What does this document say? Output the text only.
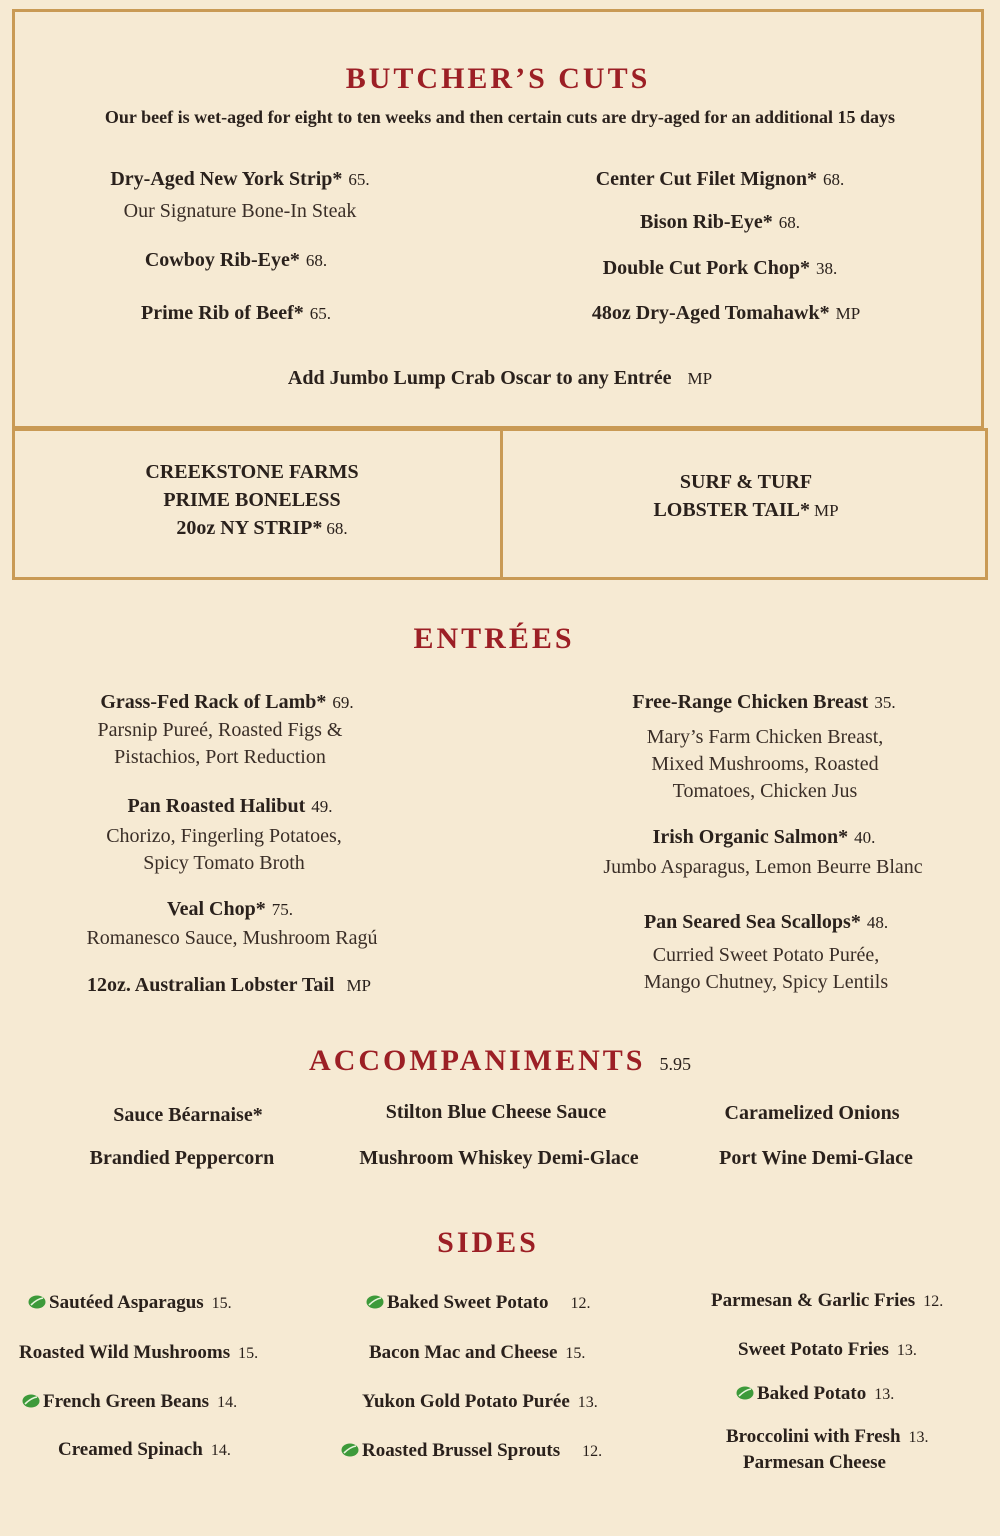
BUTCHER’S CUTS
Our beef is wet-aged for eight to ten weeks and then certain cuts are dry-aged for an additional 15 days
Dry-Aged New York Strip* 65.
Our Signature Bone-In Steak
Cowboy Rib-Eye* 68.
Prime Rib of Beef* 65.
Center Cut Filet Mignon* 68.
Bison Rib-Eye* 68.
Double Cut Pork Chop* 38.
48oz Dry-Aged Tomahawk* MP
Add Jumbo Lump Crab Oscar to any Entrée MP
CREEKSTONE FARMS
PRIME BONELESS
20oz NY STRIP* 68.
SURF & TURF
LOBSTER TAIL* MP
ENTRÉES
Grass-Fed Rack of Lamb* 69.
Parsnip Pureé, Roasted Figs &
Pistachios, Port Reduction
Pan Roasted Halibut 49.
Chorizo, Fingerling Potatoes,
Spicy Tomato Broth
Veal Chop* 75.
Romanesco Sauce, Mushroom Ragú
12oz. Australian Lobster Tail MP
Free-Range Chicken Breast 35.
Mary’s Farm Chicken Breast,
Mixed Mushrooms, Roasted
Tomatoes, Chicken Jus
Irish Organic Salmon* 40.
Jumbo Asparagus, Lemon Beurre Blanc
Pan Seared Sea Scallops* 48.
Curried Sweet Potato Purée,
Mango Chutney, Spicy Lentils
ACCOMPANIMENTS 5.95
Sauce Béarnaise*	Stilton Blue Cheese Sauce	Caramelized Onions
Brandied Peppercorn	Mushroom Whiskey Demi-Glace	Port Wine Demi-Glace
SIDES
Sautéed Asparagus 15.
Roasted Wild Mushrooms 15.
French Green Beans 14.
Creamed Spinach 14.
Baked Sweet Potato 12.
Bacon Mac and Cheese 15.
Yukon Gold Potato Purée 13.
Roasted Brussel Sprouts 12.
Parmesan & Garlic Fries 12.
Sweet Potato Fries 13.
Baked Potato 13.
Broccolini with Fresh 13.
Parmesan Cheese
